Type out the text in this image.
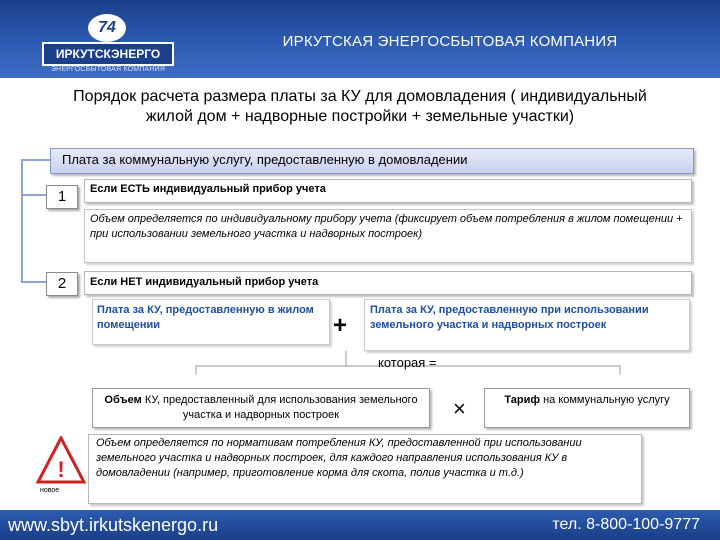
74
ИРКУТСКЭНЕРГО
ЭНЕРГОСБЫТОВАЯ КОМПАНИЯ
ИРКУТСКАЯ ЭНЕРГОСБЫТОВАЯ КОМПАНИЯ
Порядок расчета размера платы за КУ для домовладения ( индивидуальный
жилой дом + надворные постройки + земельные участки)
Плата за коммунальную услугу, предоставленную в домовладении
1	Если ЕСТЬ индивидуальный прибор учета
Объем определяется по индивидуальному прибору учета (фиксирует объем потребления в жилом помещении + при использовании земельного участка и надворных построек)
2	Если НЕТ индивидуальный прибор учета
Плата за КУ, предоставленную в жилом помещении	+
Плата за КУ, предоставленную при использовании земельного участка и надворных построек
которая =
Объем КУ, предоставленный для использования земельного участка и надворных построек	×	Тариф на коммунальную услугу
!
новое
Объем определяется по нормативам потребления КУ, предоставленной при использовании земельного участка и надворных построек, для каждого направления использования КУ в домовладении (например, приготовление корма для скота, полив участка и т.д.)
www.sbyt.irkutskenergo.ru	тел. 8-800-100-9777
